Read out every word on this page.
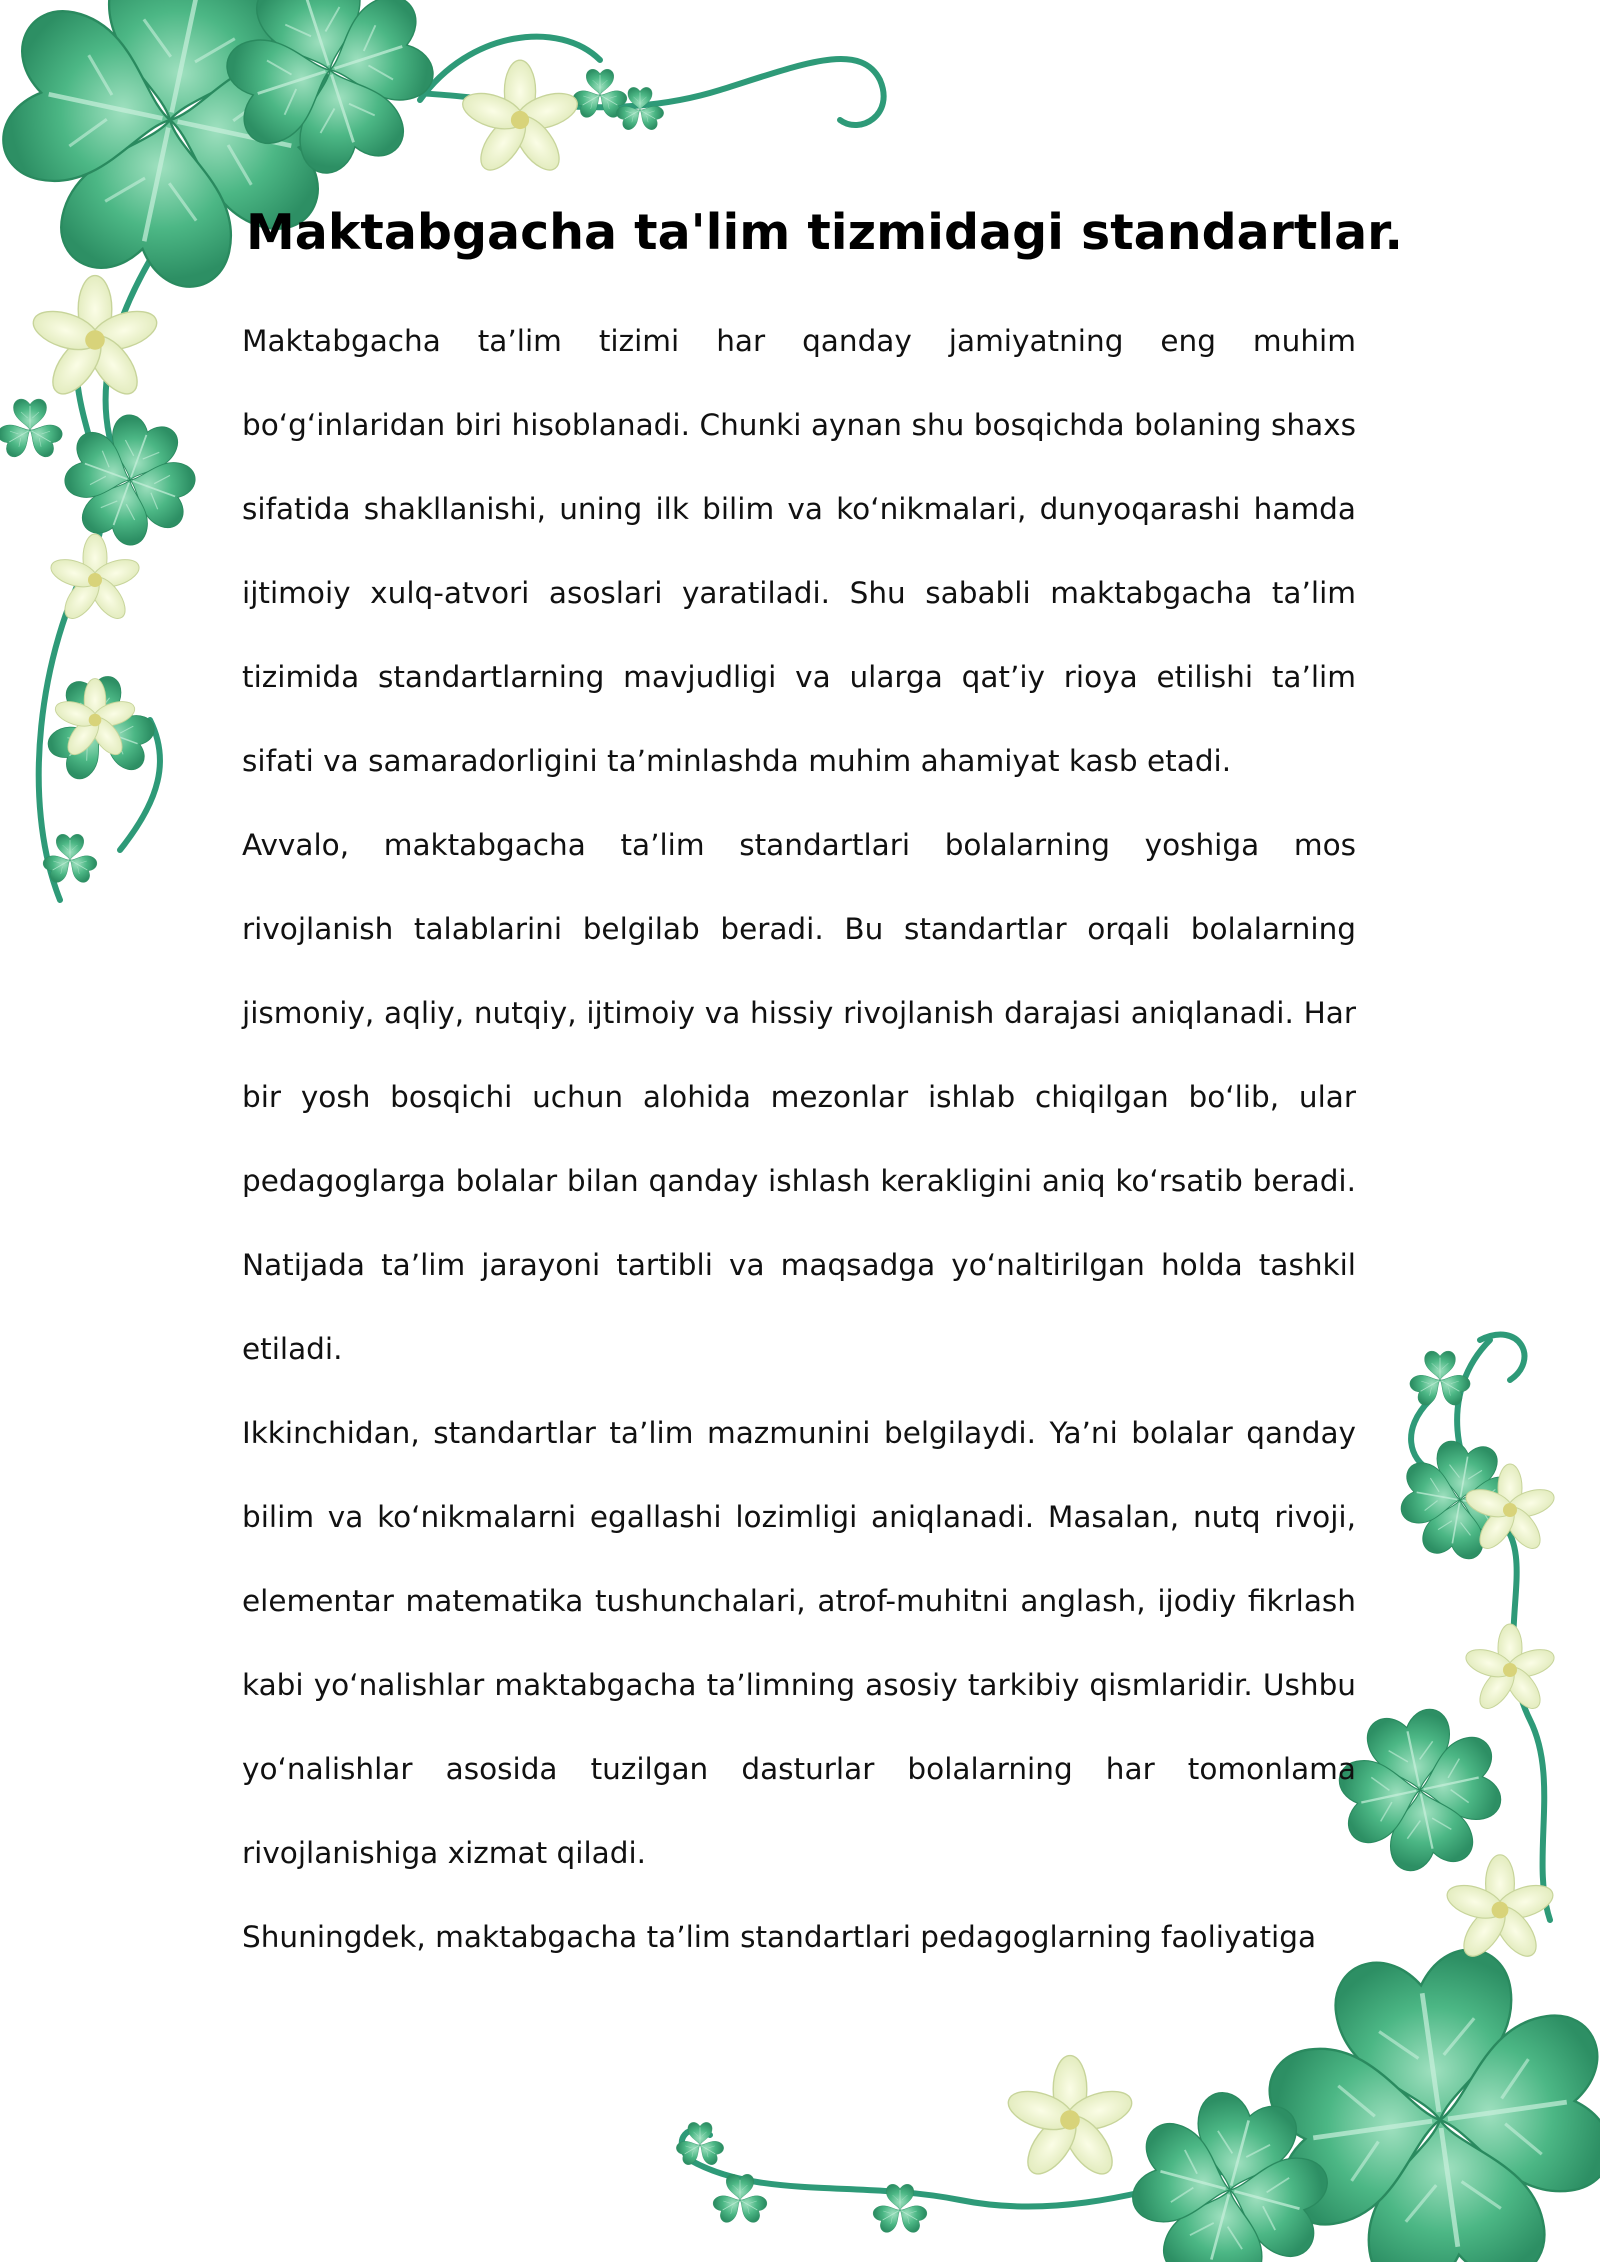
Maktabgacha ta'lim tizmidagi standartlar.

Maktabgacha ta’lim tizimi har qanday jamiyatning eng muhim bo‘g‘inlaridan biri hisoblanadi. Chunki aynan shu bosqichda bolaning shaxs sifatida shakllanishi, uning ilk bilim va ko‘nikmalari, dunyoqarashi hamda ijtimoiy xulq-atvori asoslari yaratiladi. Shu sababli maktabgacha ta’lim tizimida standartlarning mavjudligi va ularga qat’iy rioya etilishi ta’lim sifati va samaradorligini ta’minlashda muhim ahamiyat kasb etadi.

Avvalo, maktabgacha ta’lim standartlari bolalarning yoshiga mos rivojlanish talablarini belgilab beradi. Bu standartlar orqali bolalarning jismoniy, aqliy, nutqiy, ijtimoiy va hissiy rivojlanish darajasi aniqlanadi. Har bir yosh bosqichi uchun alohida mezonlar ishlab chiqilgan bo‘lib, ular pedagoglarga bolalar bilan qanday ishlash kerakligini aniq ko‘rsatib beradi. Natijada ta’lim jarayoni tartibli va maqsadga yo‘naltirilgan holda tashkil etiladi.

Ikkinchidan, standartlar ta’lim mazmunini belgilaydi. Ya’ni bolalar qanday bilim va ko‘nikmalarni egallashi lozimligi aniqlanadi. Masalan, nutq rivoji, elementar matematika tushunchalari, atrof-muhitni anglash, ijodiy fikrlash kabi yo‘nalishlar maktabgacha ta’limning asosiy tarkibiy qismlaridir. Ushbu yo‘nalishlar asosida tuzilgan dasturlar bolalarning har tomonlama rivojlanishiga xizmat qiladi.

Shuningdek, maktabgacha ta’lim standartlari pedagoglarning faoliyatiga
